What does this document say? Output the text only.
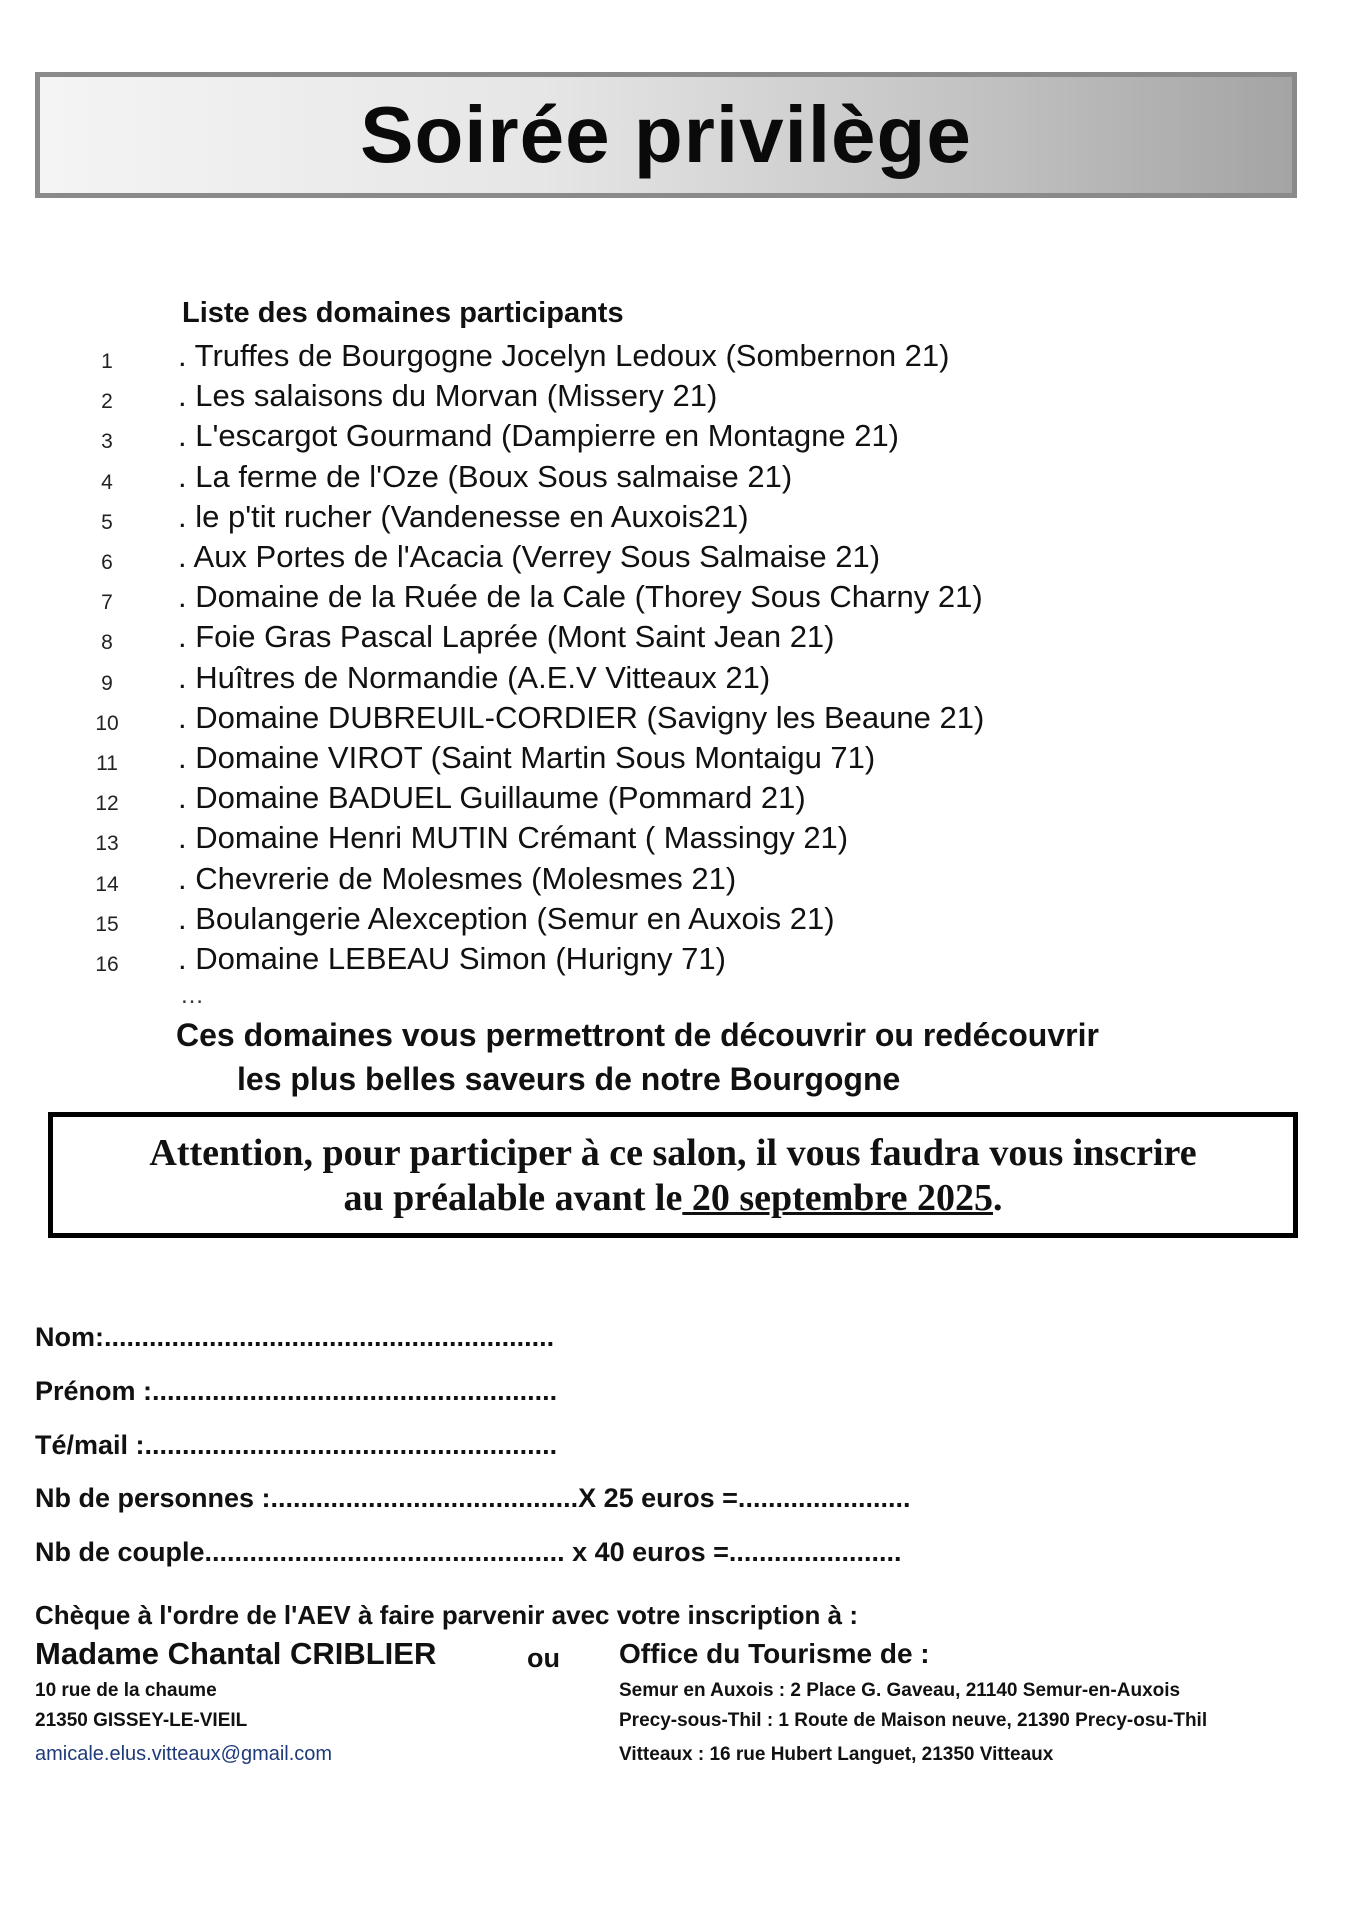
Soirée privilège
Liste des domaines participants
1 . Truffes de Bourgogne Jocelyn Ledoux (Sombernon 21)
2 . Les salaisons du Morvan (Missery 21)
3 . L'escargot Gourmand (Dampierre en Montagne 21)
4 . La ferme de l'Oze (Boux Sous salmaise 21)
5 . le p'tit rucher (Vandenesse en Auxois21)
6 . Aux Portes de l'Acacia (Verrey Sous Salmaise 21)
7 . Domaine de la Ruée de la Cale (Thorey Sous Charny 21)
8 . Foie Gras Pascal Laprée (Mont Saint Jean 21)
9 . Huîtres de Normandie (A.E.V Vitteaux 21)
10 . Domaine DUBREUIL-CORDIER (Savigny les Beaune 21)
11 . Domaine VIROT (Saint Martin Sous Montaigu 71)
12 . Domaine BADUEL Guillaume (Pommard 21)
13 . Domaine Henri MUTIN Crémant ( Massingy 21)
14 . Chevrerie de Molesmes (Molesmes 21)
15 . Boulangerie Alexception (Semur en Auxois 21)
16 . Domaine LEBEAU Simon (Hurigny 71)
…
Ces domaines vous permettront de découvrir ou redécouvrir
les plus belles saveurs de notre Bourgogne
Attention, pour participer à ce salon, il vous faudra vous inscrire
au préalable avant le 20 septembre 2025.
Nom:............................................................
Prénom :......................................................
Té/mail :.......................................................
Nb de personnes :.........................................X 25 euros =.......................
Nb de couple................................................ x 40 euros =.......................
Chèque à l'ordre de l'AEV à faire parvenir avec votre inscription à :
Madame Chantal CRIBLIER	ou Office du Tourisme de :
10 rue de la chaume
21350 GISSEY-LE-VIEIL
amicale.elus.vitteaux@gmail.com
Semur en Auxois : 2 Place G. Gaveau, 21140 Semur-en-Auxois
Precy-sous-Thil : 1 Route de Maison neuve, 21390 Precy-osu-Thil
Vitteaux : 16 rue Hubert Languet, 21350 Vitteaux
